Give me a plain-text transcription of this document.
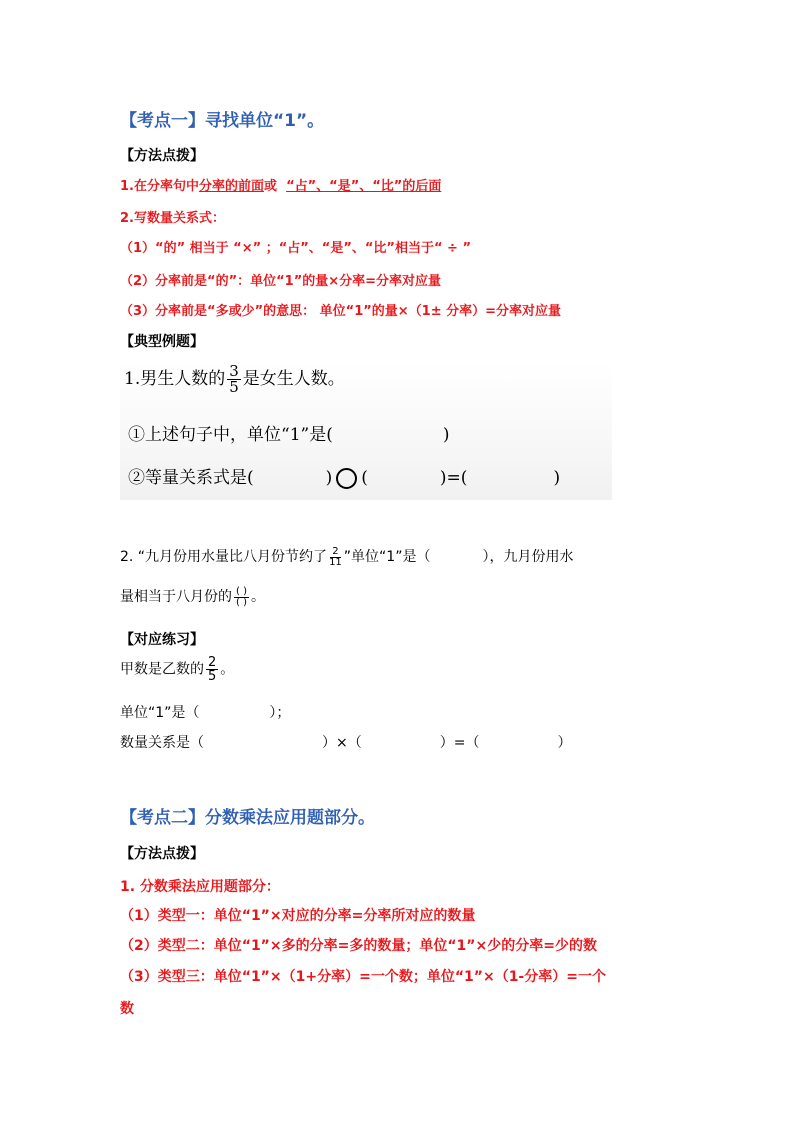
【考点一】寻找单位“1”。
【方法点拨】
1.在分率句中分率的前面或 “占”、“是”、“比”的后面
2.写数量关系式：
（1）“的” 相当于 “×” ；“占”、“是”、“比”相当于“ ÷ ”
（2）分率前是“的”：单位“1”的量×分率=分率对应量
（3）分率前是“多或少”的意思： 单位“1”的量×（1± 分率）=分率对应量
【典型例题】
1.男生人数的 $\frac{3}{5}$ 是女生人数。
①上述句子中，单位“1”是(	)
②等量关系式是(	) (	)=(	)
2. “九月份用水量比八月份节约了 $\frac{2}{11}$ ”单位“1”是（	），九月份用水
量相当于八月份的 $\frac{( )}{( )}$ 。
【对应练习】
甲数是乙数的 $\frac{2}{5}$ 。
单位“1”是（	）；
数量关系是（	）×（	）=（	）
【考点二】分数乘法应用题部分。
【方法点拨】
1. 分数乘法应用题部分：
（1）类型一：单位“1”×对应的分率=分率所对应的数量
（2）类型二：单位“1”×多的分率=多的数量；单位“1”×少的分率=少的数
（3）类型三：单位“1”×（1+分率）=一个数；单位“1”×（1-分率）=一个
数
